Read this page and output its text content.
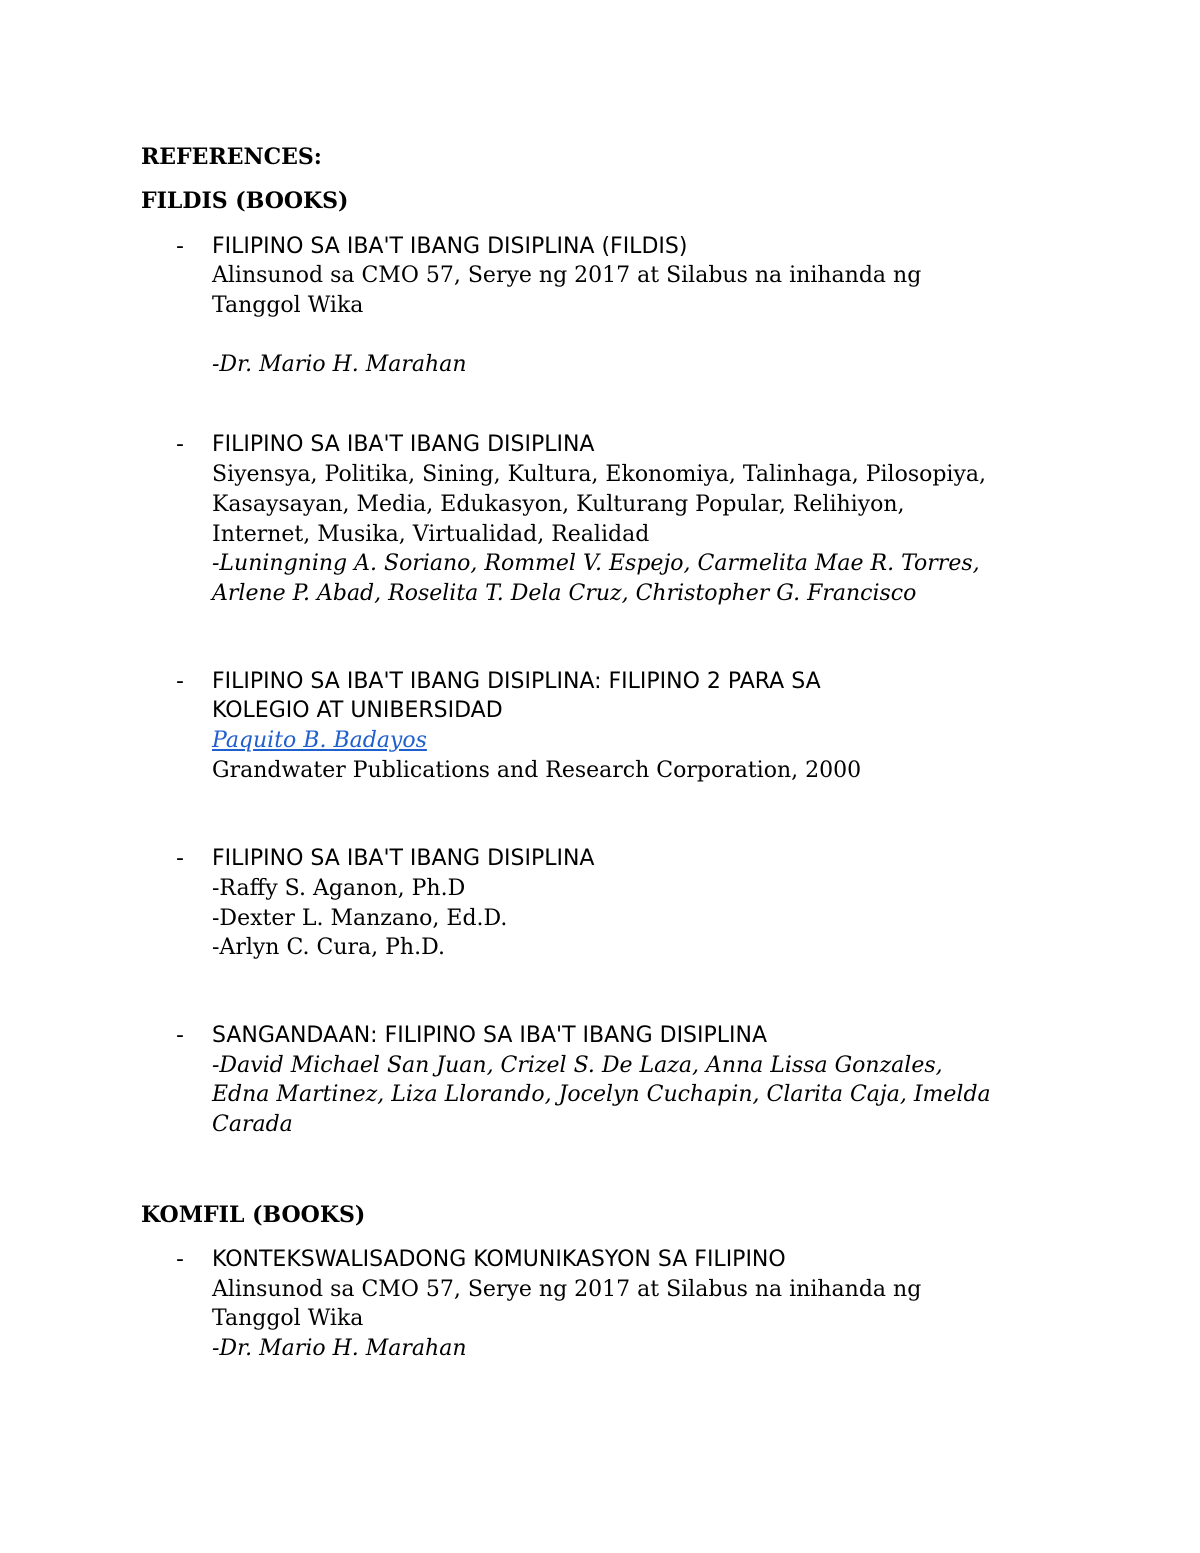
REFERENCES:
FILDIS (BOOKS)
- FILIPINO SA IBA'T IBANG DISIPLINA (FILDIS)
Alinsunod sa CMO 57, Serye ng 2017 at Silabus na inihanda ng
Tanggol Wika
-Dr. Mario H. Marahan
- FILIPINO SA IBA'T IBANG DISIPLINA
Siyensya, Politika, Sining, Kultura, Ekonomiya, Talinhaga, Pilosopiya,
Kasaysayan, Media, Edukasyon, Kulturang Popular, Relihiyon,
Internet, Musika, Virtualidad, Realidad
-Luningning A. Soriano, Rommel V. Espejo, Carmelita Mae R. Torres,
Arlene P. Abad, Roselita T. Dela Cruz, Christopher G. Francisco
- FILIPINO SA IBA'T IBANG DISIPLINA: FILIPINO 2 PARA SA
KOLEGIO AT UNIBERSIDAD
Paquito B. Badayos
Grandwater Publications and Research Corporation, 2000
- FILIPINO SA IBA'T IBANG DISIPLINA
-Raffy S. Aganon, Ph.D
-Dexter L. Manzano, Ed.D.
-Arlyn C. Cura, Ph.D.
- SANGANDAAN: FILIPINO SA IBA'T IBANG DISIPLINA
-David Michael San Juan, Crizel S. De Laza, Anna Lissa Gonzales,
Edna Martinez, Liza Llorando, Jocelyn Cuchapin, Clarita Caja, Imelda
Carada
KOMFIL (BOOKS)
- KONTEKSWALISADONG KOMUNIKASYON SA FILIPINO
Alinsunod sa CMO 57, Serye ng 2017 at Silabus na inihanda ng
Tanggol Wika
-Dr. Mario H. Marahan
